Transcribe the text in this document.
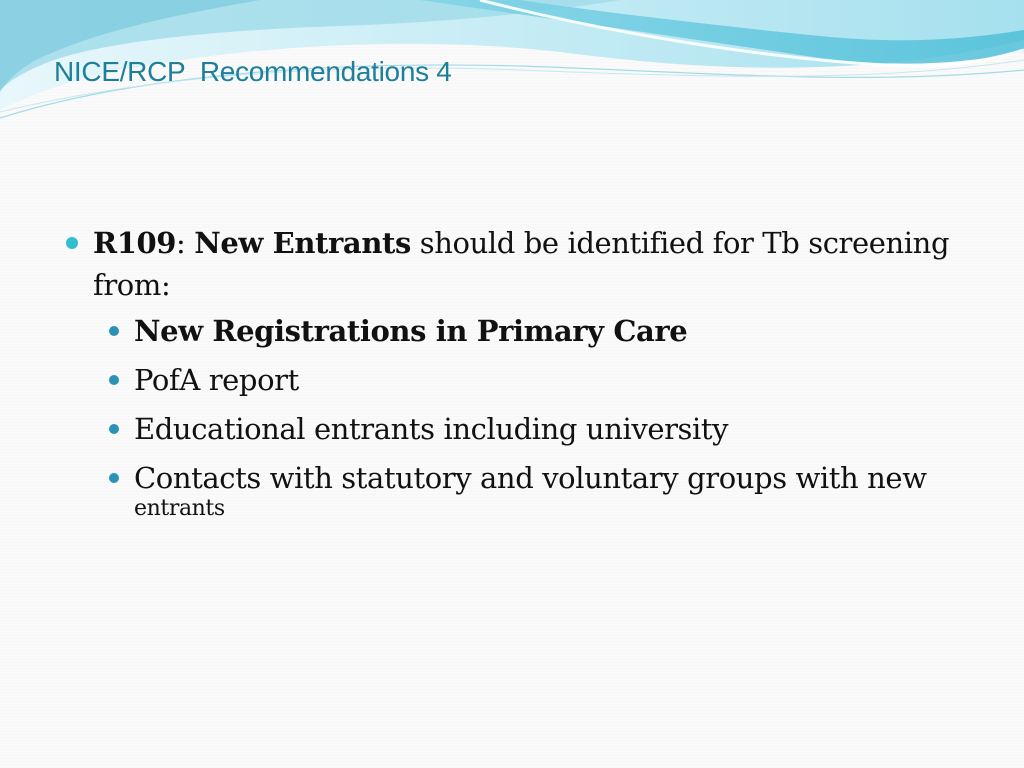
NICE/RCP  Recommendations 4
R109: New Entrants should be identified for Tb screening from:
New Registrations in Primary Care
PofA report
Educational entrants including university
Contacts with statutory and voluntary groups with new
entrants
